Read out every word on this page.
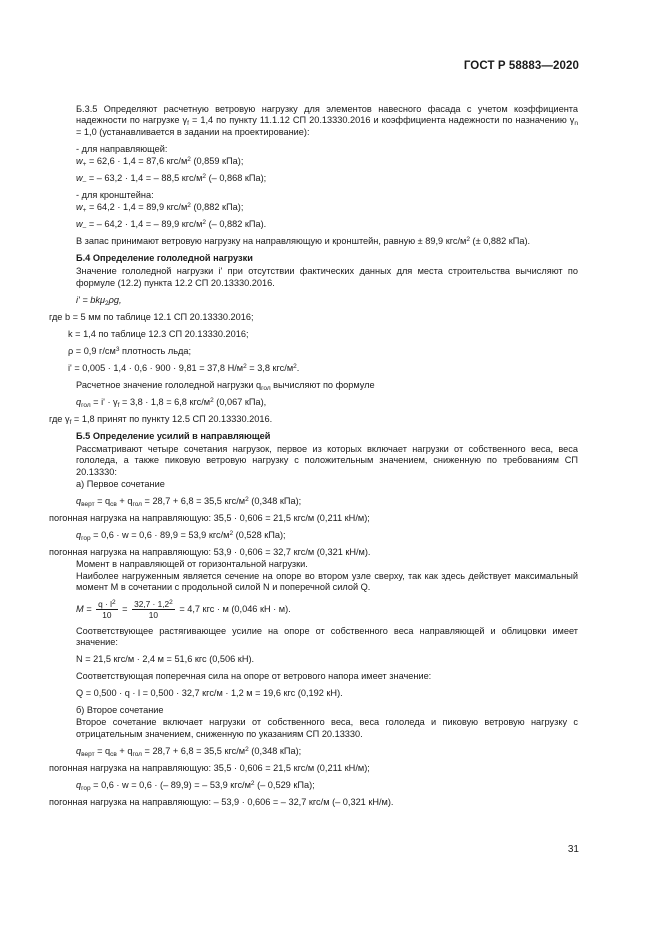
ГОСТ Р 58883—2020
Б.3.5 Определяют расчетную ветровую нагрузку для элементов навесного фасада с учетом коэффициента надежности по нагрузке $\gamma_f = 1,4$ по пункту 11.1.12 СП 20.13330.2016 и коэффициента надежности по назначению $\gamma_n = 1,0$ (устанавливается в задании на проектирование):
- для направляющей:
$w_+ = 62,6 \cdot 1,4 = 87,6$ кгс/$м^2$ (0,859 кПа);
$w_-$ = – 63,2 · 1,4 = – 88,5 кгс/$м^2$ (– 0,868 кПа);
- для кронштейна:
$w_+ = 64,2 \cdot 1,4 = 89,9$ кгс/$м^2$ (0,882 кПа);
$w_-$ = – 64,2 · 1,4 = – 89,9 кгс/$м^2$ (– 0,882 кПа).
В запас принимают ветровую нагрузку на направляющую и кронштейн, равную ± 89,9 кгс/$м^2$ (± 0,882 кПа).
Б.4 Определение гололедной нагрузки
Значение гололедной нагрузки i' при отсутствии фактических данных для места строительства вычисляют по формуле (12.2) пункта 12.2 СП 20.13330.2016.
i' = bkμ$_2$ρg,
где b = 5 мм по таблице 12.1 СП 20.13330.2016;
k = 1,4 по таблице 12.3 СП 20.13330.2016;
ρ = 0,9 $г/см^3$ плотность льда;
i' = 0,005 · 1,4 · 0,6 · 900 · 9,81 = 37,8 $Н/м^2 = 3,8$ кгс/$м^2$.
Расчетное значение гололедной нагрузки $q_{гол}$ вычисляют по формуле
$q_{гол} = i' \cdot \gamma_f = 3,8 \cdot 1,8 = 6,8$ кгс/$м^2$ (0,067 кПа),
где $\gamma_f = 1,8$ принят по пункту 12.5 СП 20.13330.2016.
Б.5 Определение усилий в направляющей
Рассматривают четыре сочетания нагрузок, первое из которых включает нагрузки от собственного веса, веса гололеда, а также пиковую ветровую нагрузку с положительным значением, сниженную по требованиям СП 20.13330:
а) Первое сочетание
$q_{верт} = q_{св} + q_{гол} = 28,7 + 6,8 = 35,5$ кгс/$м^2$ (0,348 кПа);
погонная нагрузка на направляющую: 35,5 · 0,606 = 21,5 кгс/м (0,211 кН/м);
$q_{гор} = 0,6 \cdot w = 0,6 \cdot 89,9 = 53,9$ кгс/$м^2$ (0,528 кПа);
погонная нагрузка на направляющую: 53,9 · 0,606 = 32,7 кгс/м (0,321 кН/м).
Момент в направляющей от горизонтальной нагрузки.
Наиболее нагруженным является сечение на опоре во втором узле сверху, так как здесь действует максимальный момент M в сочетании с продольной силой N и поперечной силой Q.
$M = \frac{q \cdot l^2}{10} = \frac{32,7 \cdot 1,2^2}{10} = 4,7$ кгс · м (0,046 кН · м).
Соответствующее растягивающее усилие на опоре от собственного веса направляющей и облицовки имеет значение:
N = 21,5 кгс/м · 2,4 м = 51,6 кгс (0,506 кН).
Соответствующая поперечная сила на опоре от ветрового напора имеет значение:
Q = 0,500 · q · l = 0,500 · 32,7 кгс/м · 1,2 м = 19,6 кгс (0,192 кН).
б) Второе сочетание
Второе сочетание включает нагрузки от собственного веса, веса гололеда и пиковую ветровую нагрузку с отрицательным значением, сниженную по указаниям СП 20.13330.
$q_{верт} = q_{св} + q_{гол} = 28,7 + 6,8 = 35,5$ кгс/$м^2$ (0,348 кПа);
погонная нагрузка на направляющую: 35,5 · 0,606 = 21,5 кгс/м (0,211 кН/м);
$q_{гор} = 0,6 \cdot w = 0,6$ · (– 89,9) = – 53,9 кгс/$м^2$ (– 0,529 кПа);
погонная нагрузка на направляющую: – 53,9 · 0,606 = – 32,7 кгс/м (– 0,321 кН/м).
31
